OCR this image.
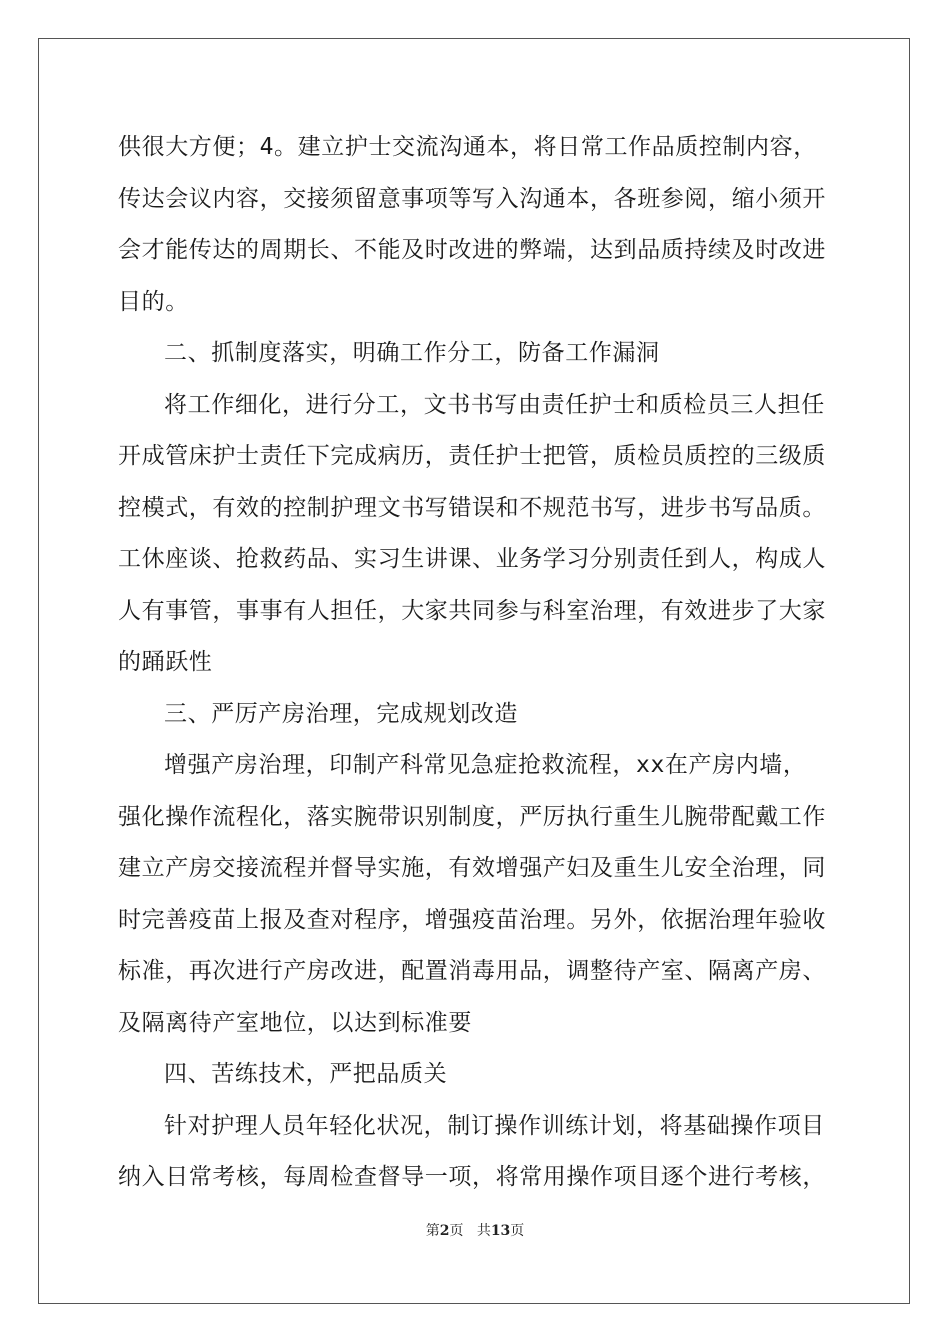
供很大方便；4。建立护士交流沟通本，将日常工作品质控制内容，
传达会议内容，交接须留意事项等写入沟通本，各班参阅，缩小须开
会才能传达的周期长、不能及时改进的弊端，达到品质持续及时改进
目的。
二、抓制度落实，明确工作分工，防备工作漏洞
将工作细化，进行分工，文书书写由责任护士和质检员三人担任
开成管床护士责任下完成病历，责任护士把管，质检员质控的三级质
控模式，有效的控制护理文书写错误和不规范书写，进步书写品质。
工休座谈、抢救药品、实习生讲课、业务学习分别责任到人，构成人
人有事管，事事有人担任，大家共同参与科室治理，有效进步了大家
的踊跃性
三、严厉产房治理，完成规划改造
增强产房治理，印制产科常见急症抢救流程，xx在产房内墙，
强化操作流程化，落实腕带识别制度，严厉执行重生儿腕带配戴工作
建立产房交接流程并督导实施，有效增强产妇及重生儿安全治理，同
时完善疫苗上报及查对程序，增强疫苗治理。另外，依据治理年验收
标准，再次进行产房改进，配置消毒用品，调整待产室、隔离产房、
及隔离待产室地位，以达到标准要
四、苦练技术，严把品质关
针对护理人员年轻化状况，制订操作训练计划，将基础操作项目
纳入日常考核，每周检查督导一项，将常用操作项目逐个进行考核，
第2页 共13页
